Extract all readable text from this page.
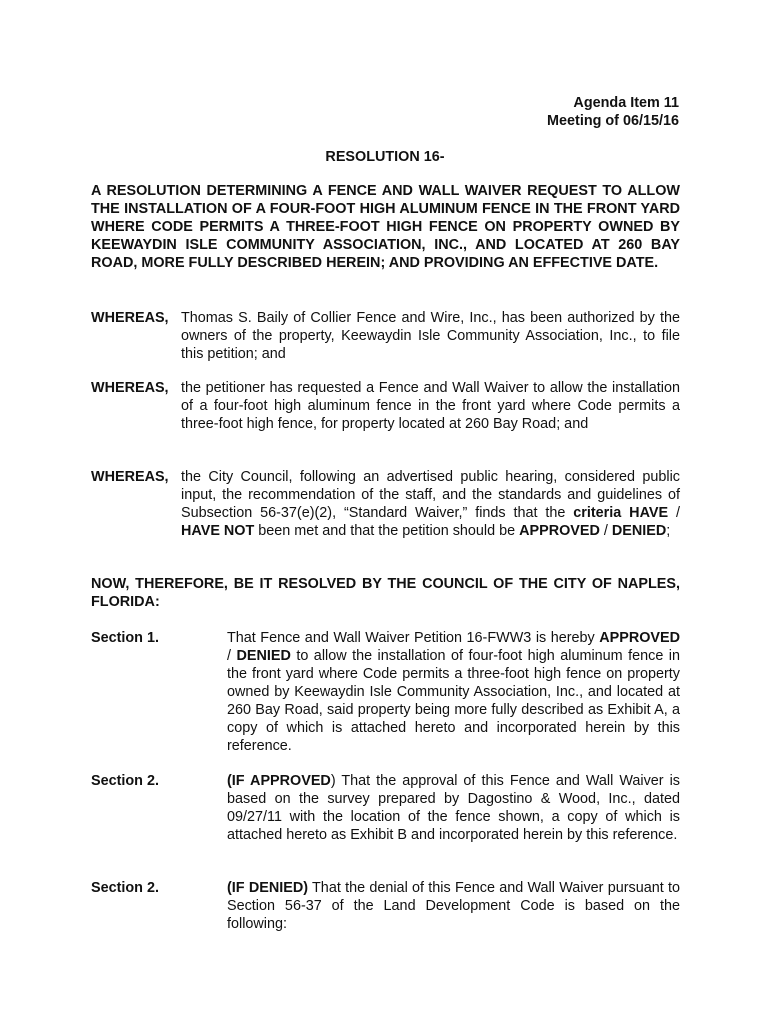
Agenda Item 11
Meeting of 06/15/16
RESOLUTION 16-
A RESOLUTION DETERMINING A FENCE AND WALL WAIVER REQUEST TO ALLOW THE INSTALLATION OF A FOUR-FOOT HIGH ALUMINUM FENCE IN THE FRONT YARD WHERE CODE PERMITS A THREE-FOOT HIGH FENCE ON PROPERTY OWNED BY KEEWAYDIN ISLE COMMUNITY ASSOCIATION, INC., AND LOCATED AT 260 BAY ROAD, MORE FULLY DESCRIBED HEREIN; AND PROVIDING AN EFFECTIVE DATE.
WHEREAS, Thomas S. Baily of Collier Fence and Wire, Inc., has been authorized by the owners of the property, Keewaydin Isle Community Association, Inc., to file this petition; and
WHEREAS, the petitioner has requested a Fence and Wall Waiver to allow the installation of a four-foot high aluminum fence in the front yard where Code permits a three-foot high fence, for property located at 260 Bay Road; and
WHEREAS, the City Council, following an advertised public hearing, considered public input, the recommendation of the staff, and the standards and guidelines of Subsection 56-37(e)(2), “Standard Waiver,” finds that the criteria HAVE / HAVE NOT been met and that the petition should be APPROVED / DENIED;
NOW, THEREFORE, BE IT RESOLVED BY THE COUNCIL OF THE CITY OF NAPLES, FLORIDA:
Section 1.	That Fence and Wall Waiver Petition 16-FWW3 is hereby APPROVED / DENIED to allow the installation of four-foot high aluminum fence in the front yard where Code permits a three-foot high fence on property owned by Keewaydin Isle Community Association, Inc., and located at 260 Bay Road, said property being more fully described as Exhibit A, a copy of which is attached hereto and incorporated herein by this reference.
Section 2.	(IF APPROVED) That the approval of this Fence and Wall Waiver is based on the survey prepared by Dagostino & Wood, Inc., dated 09/27/11 with the location of the fence shown, a copy of which is attached hereto as Exhibit B and incorporated herein by this reference.
Section 2.	(IF DENIED) That the denial of this Fence and Wall Waiver pursuant to Section 56-37 of the Land Development Code is based on the following:
